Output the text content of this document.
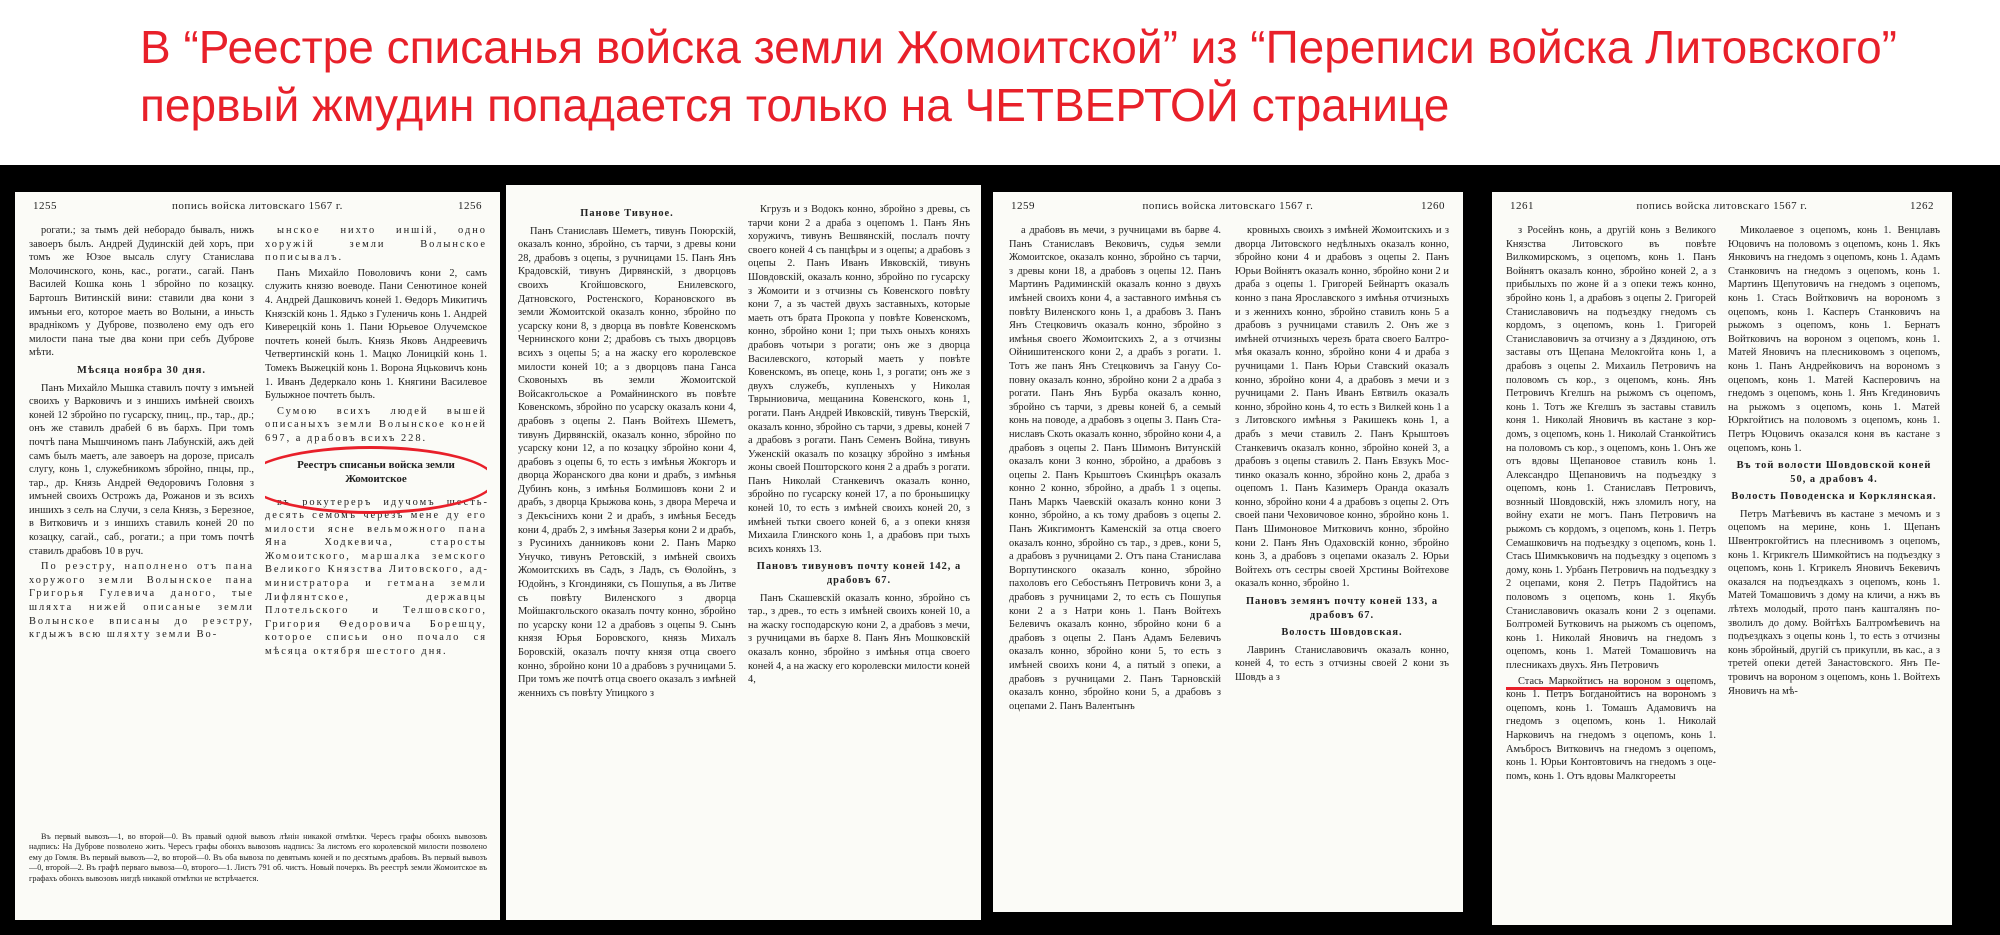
В “Реестре списанья войска земли Жомоитской” из “Переписи войска Литовского”
первый жмудин попадается только на ЧЕТВЕРТОЙ странице
1255	попись войска литовскаго 1567 г.	1256

рогати.; за тымъ дей неборадо бывалъ, нижъ завоеръ былъ. Андрей Дудинскій дей хоръ, при томъ же Юзое высаль слугу Станислава Молочинского, конь, кас., рогати., сагай. Панъ Василей Кошка конь 1 збройно по козацку. Бартошъ Витинскій вини: ставили два кони з имъньи его, которое маеть во Волыни, а иньсть враднікомъ у Дуброве, позволено ему одъ его милости пана тые два кони при себъ Дуброве мѣти.

Мѣсяца ноябра 30 дня.

Панъ Михайло Мышка ставилъ почту з имъней своихъ у Варковичъ и з иншихъ имѣней своихъ коней 12 збройно по гусарску, пниц., пр., тар., др.; онъ же ставилъ драбей 6 въ бархъ. При томъ почтѣ пана Мышчиномъ панъ Лабунскій, ажъ дей самъ былъ маетъ, але завоеръ на дорозе, присалъ слугу, конь 1, служебникомъ збройно, пнцы, пр., тар., др. Князь Андрей Ѳедоровичъ Головня з имъней своихъ Острожъ да, Рожанов и зъ всихъ иншихъ з селъ на Случи, з села Князь, з Березное, в Витковичъ и з иншихъ ставилъ коней 20 по козацку, сагай., саб., рогати.; а при томъ почтѣ ставилъ драбовъ 10 в руч.

По реэстру, наполнено отъ пана хоружого земли Волынское пана Григорья Гулевича даного, тые шляхта нижей описаные земли Волынское вписаны до реэстру, кгдыжъ всю шляхту земли Во-

ынское нихто иншій, одно хоружій земли Волынское пописывалъ.

Панъ Михайло Поволовичъ кони 2, самъ служить князю воеводе. Пани Сенютиное коней 4. Андрей Дашковичъ коней 1. Ѳедоръ Микитичъ Князскій конь 1. Ядько з Гуленичь конь 1. Андрей Киверецкій конь 1. Пани Юрьевое Олучемское почтеть коней былъ. Князь Яковъ Андреевичъ Четвертинскій конь 1. Мацко Лоницкій конь 1. Томекъ Выжецкій конь 1. Ворона Яцьковичъ конь 1. Иванъ Дедеркало конь 1. Княгини Василевое Булыжное почтеть былъ.

Сумою всихъ людей вышей описаныхъ земли Волынское коней 697, а драбовъ всихъ 228.

Реестръ списаньи войска земли Жомоитское

въ рокутереръ идучомъ шестьдесять семомъ черезъ мене ду его милости ясне вельможного пана Яна Ходкевича, старосты Жомоитского, маршалка земского Великого Князства Литовского, администратора и гетмана земли Лифлянтское, державцы Плотельского и Телшовского, Григория Ѳедоровича Борешцу, которое списьи оно почало ся мѣсяца октября шестого дня.

Въ первый вывозъ—1, во второй—0. Въ правый одной вывозъ лѣнін никакой отмѣтки. Чересъ графы обонхъ вывозовъ надпись: На Дуброве позволено жить. Чересъ графы обонхъ вывозовъ надпись: За листомъ его королевской милости позволено ему до Гомля. Въ первый вывозъ—2, во второй—0. Въ оба вывоза по девятымъ коней и по десятымъ драбовъ. Въ первый вывозъ—0, второй—2. Въ графѣ перваго вывоза—0, второго—1. Листъ 791 об. чистъ. Новый почеркъ. Въ реестрѣ земли Жомоитское въ графахъ обонхъ вывозовъ нигдѣ никакой отмѣтки не встрѣчается.

Панове Тивуное.

Панъ Станиславъ Шеметъ, тивунъ Поюрскій, оказалъ конно, збройно, съ тарчи, з древы кони 28, драбовъ з оцепы, з ручницами 15. Панъ Янъ Крадовскій, тивунъ Дирвянскій, з дворцовъ своихъ Кгойшовского, Енилевского, Датновского, Ростенского, Корановского въ земли Жомоитской оказалъ конно, збройно по усарску кони 8, з дворца въ повѣте Ковенскомъ Чернинского кони 2; драбовъ съ тыхъ дворцовъ всихъ з оцепы 5; а на жаску его королевское милости коней 10; а з дворцовъ пана Ганса Сковоныхъ въ земли Жомоитской Войсакгольское а Ромайнинского въ повѣте Ковенскомъ, збройно по усарску оказалъ кони 4, драбовъ з оцепы 2. Панъ Войтехъ Шеметъ, тивунъ Дирвянскій, оказалъ конно, збройно по усарску кони 12, а по козацку збройно кони 4, драбовъ з оцепы 6, то есть з имѣнья Жокгоръ и дворца Жоранского два кони и драбъ, з имѣнья Дубинъ конь, з имѣнья Болмишовъ кони 2 и драбъ, з дворца Крыжова конь, з двора Мереча и з Декъсінихъ кони 2 и драбъ, з имѣнья Беседъ кони 4, драбъ 2, з имѣнья Зазерья кони 2 и драбъ, з Русинихъ данниковъ кони 2. Панъ Марко Унучко, тивунъ Ретовскій, з имѣней своихъ Жомоитскихъ въ Садъ, з Ладъ, съ Ѳолойнъ, з Юдойнъ, з Кгондиняки, съ Пошупья, а въ Литве съ повѣту Виленского з дворца Мойшакгольского оказалъ почту конно, збройно по усарску кони 12 а драбовъ з оцепы 9. Сынъ князя Юрья Боровского, князь Михалъ Боровскій, оказалъ почту князя отца своего конно, збройно кони 10 а драбовъ з ручницами 5. При томъ же почтѣ отца своего оказалъ з имѣней женнихъ съ повѣту Упицкого з

Кгрузъ и з Водокъ конно, збройно з древы, съ тарчи кони 2 а драба з оцепомъ 1. Панъ Янъ хоружичъ, тивунъ Вешвянскій, послалъ почту своего коней 4 съ панцѣры и з оцепы; а драбовъ з оцепы 2. Панъ Иванъ Ивковскій, тивунъ Шовдовскій, оказалъ конно, збройно по гусарску з Жомоити и з отчизны съ Ковенского повѣту кони 7, а зъ частей двухъ заставныхъ, которые маеть отъ брата Прокопа у повѣте Ковенскомъ, конно, збройно кони 1; при тыхъ оныхъ коняхъ драбовъ чотыри з рогати; онъ же з дворца Василевского, который маеть у повѣте Ковенскомъ, въ опеце, конь 1, з рогати; онъ же з двухъ служебъ, купленыхъ у Николая Тврыниовича, мещанина Ковенского, конь 1, рогати. Панъ Андрей Ивковскій, тивунъ Тверскій, оказалъ конно, збройно съ тарчи, з древы, коней 7 а драбовъ з рогати. Панъ Семенъ Война, тивунъ Уженскій оказалъ по козацку збройно з имѣнья жоны своей Пошторского коня 2 а драбъ з рогати. Панъ Николай Станкевичъ оказалъ конно, збройно по гусарску коней 17, а по броньшицку коней 10, то есть з имѣней своихъ коней 20, з имѣней тьтки своего коней 6, а з опеки князя Михаила Глинского конь 1, а драбовъ при тыхъ всихъ коняхъ 13.

Пановъ тивуновъ почту коней 142, а драбовъ 67.

Панъ Скашевскій оказалъ конно, збройно съ тар., з древ., то есть з имѣней своихъ коней 10, а на жаску господарскую кони 2, а драбовъ з мечи, з ручницами въ бархе 8. Панъ Янъ Мошковскій оказалъ конно, збройно з имѣнья отца своего коней 4, а на жаску его королевски милости коней 4,

1259	попись войска литовскаго 1567 г.	1260

а драбовъ въ мечи, з ручницами въ барве 4. Панъ Станиславъ Вековичъ, судья земли Жомоитское, оказалъ конно, збройно съ тарчи, з древы кони 18, а драбовъ з оцепы 12. Панъ Мартинъ Радиминскій оказалъ конно з двухъ имѣней своихъ кони 4, а заставного имѣнья съ повѣту Виленского конь 1, а драбовъ 3. Панъ Янъ Стецковичъ оказалъ конно, збройно з имѣнья своего Жомоитскихъ 2, а з отчизны Ойнишитенского кони 2, а драбъ з рогати. 1. Тотъ же панъ Янъ Стецковичъ за Гануу Соповну оказалъ конно, збройно кони 2 а драба з рогати. Панъ Янъ Бурба оказалъ конно, збройно съ тарчи, з древы коней 6, а семый конь на поводе, а драбовъ з оцепы 3. Панъ Станиславъ Скоть оказалъ конно, збройно кони 4, а драбовъ з оцепы 2. Панъ Шимонъ Витунскій оказалъ кони 3 конно, збройно, а драбовъ з оцепы 2. Панъ Крыштоѳъ Скинцѣръ оказалъ конно 2 конно, збройно, а драбъ 1 з оцепы. Панъ Маркъ Чаевскій оказалъ конно кони 3 конно, збройно, а къ тому драбовъ з оцепы 2. Панъ Жикгимонтъ Каменскій за отца своего оказалъ конно, збройно съ тар., з древ., кони 5, а драбовъ з ручницами 2. Отъ пана Станислава Ворпутинского оказалъ конно, збройно пахоловъ его Себостьянъ Петровичъ кони 3, а драбовъ з ручницами 2, то есть съ Пошупья кони 2 а з Натри конь 1. Панъ Войтехъ Белевичъ оказалъ конно, збройно кони 6 а драбовъ з оцепы 2. Панъ Адамъ Белевичъ оказалъ конно, збройно кони 5, то есть з имѣней своихъ кони 4, а пятый з опеки, а драбовъ з ручницами 2. Панъ Тарновскій оказалъ конно, збройно кони 5, а драбовъ з оцепами 2. Панъ Валентынъ

кровныхъ своихъ з имѣней Жомоитскихъ и з дворца Литовского недѣлныхъ оказалъ конно, збройно кони 4 и драбовъ з оцепы 2. Панъ Юрьи Войнятъ оказалъ конно, збройно кони 2 и драба з оцепы 1. Григорей Бейнартъ оказалъ конно з пана Ярославского з имѣнья отчизныхъ и з женнихъ конно, збройно ставилъ конь 5 а драбовъ з ручницами ставилъ 2. Онъ же з имѣней отчизныхъ черезъ брата своего Балтромѣя оказалъ конно, збройно кони 4 и драба з ручницами 1. Панъ Юрьи Ставский оказалъ конно, збройно кони 4, а драбовъ з мечи и з ручницами 2. Панъ Иванъ Евтвилъ оказалъ конно, збройно конь 4, то есть з Вилкей конь 1 а з Литовского имѣнья з Ракишекъ конь 1, а драбъ з мечи ставилъ 2. Панъ Крыштоѳъ Станкевичъ оказалъ конно, збройно коней 3, а драбовъ з оцепы ставилъ 2. Панъ Евзукъ Мостинко оказалъ конно, збройно конь 2, драба з оцепомъ 1. Панъ Казимеръ Оранда оказалъ конно, збройно кони 4 а драбовъ з оцепы 2. Отъ своей пани Чеховичовое конно, збройно конь 1. Панъ Шимоновое Митковичъ конно, збройно кони 2. Панъ Янъ Одаховскій конно, збройно конь 3, а драбовъ з оцепами оказалъ 2. Юрьи Войтехъ отъ сестры своей Хрстины Войтехове оказалъ конно, збройно 1.

Пановъ земянъ почту коней 133, а драбовъ 67.

Волость Шовдовская.

Лавринъ Станиславовичъ оказалъ конно, коней 4, то есть з отчизны своей 2 кони зъ Шовдъ а з

1261	попись войска литовскаго 1567 г.	1262

з Росейнъ конь, а другій конь з Великого Князства Литовского въ повѣте Вилкомирскомъ, з оцепомъ, конь 1. Панъ Войнятъ оказалъ конно, збройно коней 2, а з прибылыхъ по жоне й а з опеки тежъ конно, збройно конь 1, а драбовъ з оцепы 2. Григорей Станиславовичъ на подъездку гнедомъ съ кордомъ, з оцепомъ, конь 1. Григорей Станиславовичъ за отчизну а з Дяздиною, отъ заставы отъ Щепана Мелокгойта конь 1, а драбовъ з оцепы 2. Михаиль Петровичъ на половомъ съ кор., з оцепомъ, конь. Янъ Петровичъ Кгелшъ на рыжомъ съ оцепомъ, конь 1. Тотъ же Кгелшъ зъ заставы ставилъ коня 1. Николай Яновичъ въ кастане з кордомъ, з оцепомъ, конь 1. Николай Станкойтисъ на половомъ съ кор., з оцепомъ, конь 1. Онъ же отъ вдовы Щепановое ставилъ конь 1. Александро Щепановичъ на подъездку з оцепомъ, конь 1. Станиславъ Петровичъ, вознный Шовдовскій, нжъ зломилъ ногу, на войну ехати не могъ. Панъ Петровичъ на рыжомъ съ кордомъ, з оцепомъ, конь 1. Петръ Семашковичъ на подъездку з оцепомъ, конь 1. Стась Шимкъковичъ на подъездку з оцепомъ з дому, конь 1. Урбанъ Петровичъ на подъездку з 2 оцепами, коня 2. Петръ Падойтисъ на половомъ з оцепомъ, конь 1. Якубъ Станиславовичъ оказалъ кони 2 з оцепами. Болтромей Бутковичъ на рыжомъ съ оцепомъ, конь 1. Николай Яновичъ на гнедомъ з оцепомъ, конь 1. Матей Томашовичъ на плесникахъ двухъ. Янъ Петровичъ

Стась Маркойтисъ на вороном з оцепомъ, конь 1. Петръ Богданойтисъ на ворономъ з оцепомъ, конь 1. Томашъ Адамовичъ на гнедомъ з оцепомъ, конь 1. Николай Нарковичъ на гнедомъ з оцепомъ, конь 1. Амъбросъ Витковичъ на гнедомъ з оцепомъ, конь 1. Юрьи Контовтовичъ на гнедомъ з оцепомъ, конь 1. Отъ вдовы Малкгорееты

Миколаевое з оцепомъ, конь 1. Венцлавъ Юцовичъ на половомъ з оцепомъ, конь 1. Якъ Янковичъ на гнедомъ з оцепомъ, конь 1. Адамъ Станковичъ на гнедомъ з оцепомъ, конь 1. Мартинъ Щепутовичъ на гнедомъ з оцепомъ, конь 1. Стась Войтковичъ на ворономъ з оцепомъ, конь 1. Касперъ Станковичъ на рыжомъ з оцепомъ, конь 1. Бернатъ Войтковичъ на вороном з оцепомъ, конь 1. Матей Яновичъ на плесниковомъ з оцепомъ, конь 1. Панъ Андрейковичъ на ворономъ з оцепомъ, конь 1. Матей Касперовичъ на гнедомъ з оцепомъ, конь 1. Янъ Кгединовичъ на рыжомъ з оцепомъ, конь 1. Матей Юркгойтисъ на половомъ з оцепомъ, конь 1. Петръ Юцовичъ оказался коня въ кастане з оцепомъ, конь 1.

Въ той волости Шовдовской коней 50, а драбовъ 4.

Волость Поводенска и Корклянская.

Петръ Матѣевичъ въ кастане з мечомъ и з оцепомъ на мерине, конь 1. Щепанъ Швентрокгойтисъ на плеснивомъ з оцепомъ, конь 1. Кгрикгелъ Шимкойтисъ на подъездку з оцепомъ, конь 1. Кгрикелъ Яновичъ Бекевичъ оказался на подъездкахъ з оцепомъ, конь 1. Матей Томашовичъ з дому на кличи, а нжъ въ лѣтехъ молодый, прото панъ кашталянъ позволилъ до дому. Войтѣхъ Балтромѣевичъ на подъездкахъ з оцепы конь 1, то есть з отчизны конь збройный, другій съ прикупли, въ кас., а з третей опеки детей Занастовского. Янъ Петровичъ на вороном з оцепомъ, конь 1. Войтехъ Яновичъ на мѣ-
